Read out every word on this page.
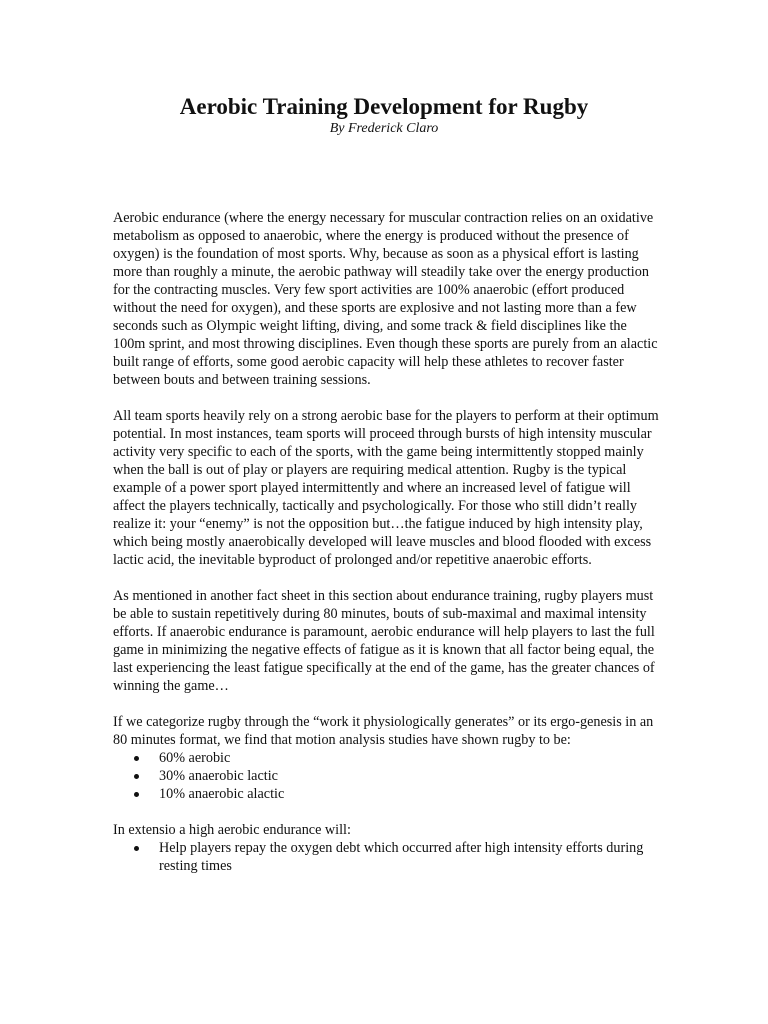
Aerobic Training Development for Rugby

By Frederick Claro

Aerobic endurance (where the energy necessary for muscular contraction relies on an oxidative metabolism as opposed to anaerobic, where the energy is produced without the presence of oxygen) is the foundation of most sports. Why, because as soon as a physical effort is lasting more than roughly a minute, the aerobic pathway will steadily take over the energy production for the contracting muscles. Very few sport activities are 100% anaerobic (effort produced without the need for oxygen), and these sports are explosive and not lasting more than a few seconds such as Olympic weight lifting, diving, and some track & field disciplines like the 100m sprint, and most throwing disciplines. Even though these sports are purely from an alactic built range of efforts, some good aerobic capacity will help these athletes to recover faster between bouts and between training sessions.

All team sports heavily rely on a strong aerobic base for the players to perform at their optimum potential. In most instances, team sports will proceed through bursts of high intensity muscular activity very specific to each of the sports, with the game being intermittently stopped mainly when the ball is out of play or players are requiring medical attention. Rugby is the typical example of a power sport played intermittently and where an increased level of fatigue will affect the players technically, tactically and psychologically. For those who still didn’t really realize it: your “enemy” is not the opposition but…the fatigue induced by high intensity play, which being mostly anaerobically developed will leave muscles and blood flooded with excess lactic acid, the inevitable byproduct of prolonged and/or repetitive anaerobic efforts.

As mentioned in another fact sheet in this section about endurance training, rugby players must be able to sustain repetitively during 80 minutes, bouts of sub-maximal and maximal intensity efforts. If anaerobic endurance is paramount, aerobic endurance will help players to last the full game in minimizing the negative effects of fatigue as it is known that all factor being equal, the last experiencing the least fatigue specifically at the end of the game, has the greater chances of winning the game…

If we categorize rugby through the “work it physiologically generates” or its ergo-genesis in an 80 minutes format, we find that motion analysis studies have shown rugby to be:

60% aerobic
30% anaerobic lactic
10% anaerobic alactic

In extensio a high aerobic endurance will:

Help players repay the oxygen debt which occurred after high intensity efforts during resting times
